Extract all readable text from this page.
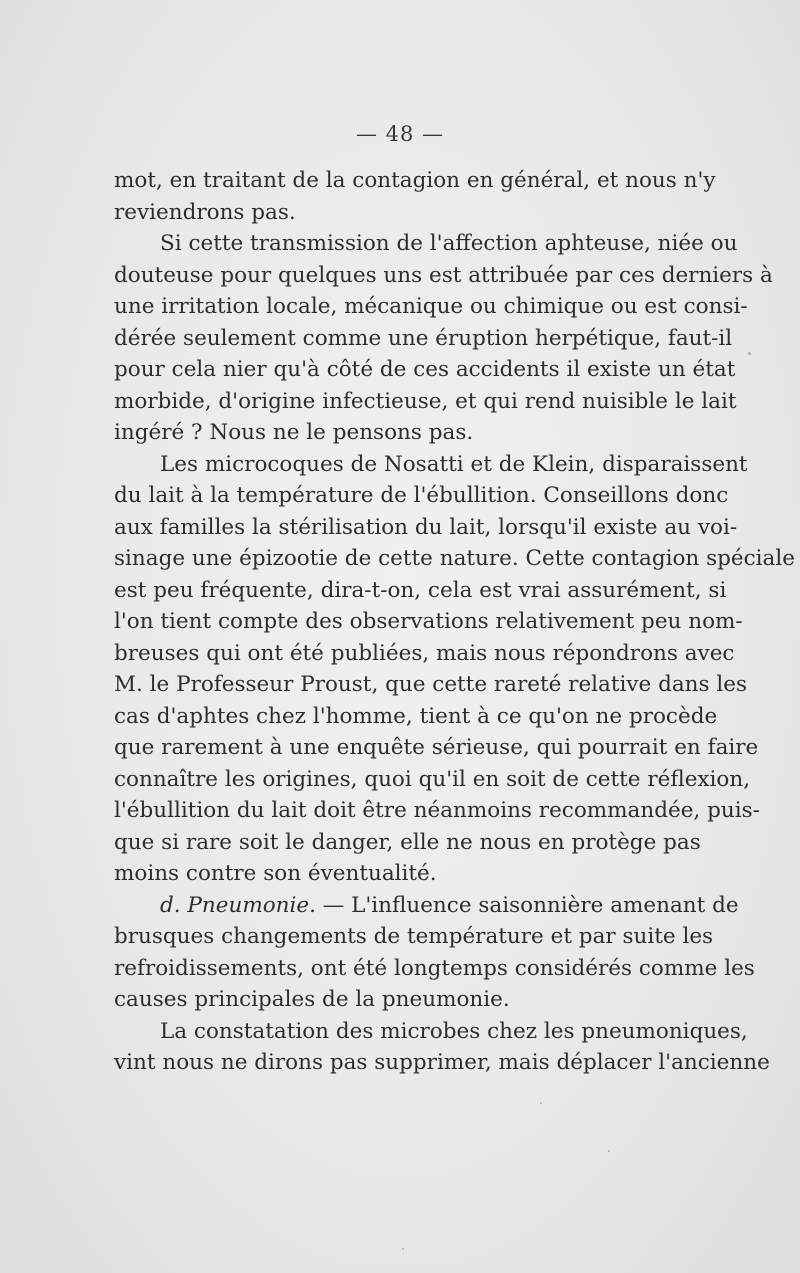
— 48 —
mot, en traitant de la contagion en général, et nous n'y
reviendrons pas.
Si cette transmission de l'affection aphteuse, niée ou
douteuse pour quelques uns est attribuée par ces derniers à
une irritation locale, mécanique ou chimique ou est consi-
dérée seulement comme une éruption herpétique, faut-il
pour cela nier qu'à côté de ces accidents il existe un état
morbide, d'origine infectieuse, et qui rend nuisible le lait
ingéré ? Nous ne le pensons pas.
Les microcoques de Nosatti et de Klein, disparaissent
du lait à la température de l'ébullition. Conseillons donc
aux familles la stérilisation du lait, lorsqu'il existe au voi-
sinage une épizootie de cette nature. Cette contagion spéciale
est peu fréquente, dira-t-on, cela est vrai assurément, si
l'on tient compte des observations relativement peu nom-
breuses qui ont été publiées, mais nous répondrons avec
M. le Professeur Proust, que cette rareté relative dans les
cas d'aphtes chez l'homme, tient à ce qu'on ne procède
que rarement à une enquête sérieuse, qui pourrait en faire
connaître les origines, quoi qu'il en soit de cette réflexion,
l'ébullition du lait doit être néanmoins recommandée, puis-
que si rare soit le danger, elle ne nous en protège pas
moins contre son éventualité.
d. Pneumonie. — L'influence saisonnière amenant de
brusques changements de température et par suite les
refroidissements, ont été longtemps considérés comme les
causes principales de la pneumonie.
La constatation des microbes chez les pneumoniques,
vint nous ne dirons pas supprimer, mais déplacer l'ancienne
